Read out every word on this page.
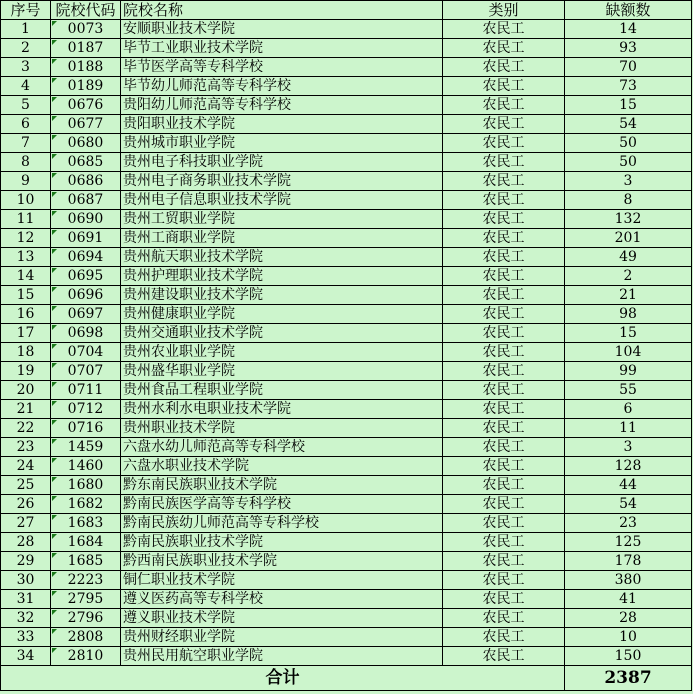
序号	院校代码	院校名称	类别	缺额数
1	0073	安顺职业技术学院	农民工	14
2	0187	毕节工业职业技术学院	农民工	93
3	0188	毕节医学高等专科学校	农民工	70
4	0189	毕节幼儿师范高等专科学校	农民工	73
5	0676	贵阳幼儿师范高等专科学校	农民工	15
6	0677	贵阳职业技术学院	农民工	54
7	0680	贵州城市职业学院	农民工	50
8	0685	贵州电子科技职业学院	农民工	50
9	0686	贵州电子商务职业技术学院	农民工	3
10	0687	贵州电子信息职业技术学院	农民工	8
11	0690	贵州工贸职业学院	农民工	132
12	0691	贵州工商职业学院	农民工	201
13	0694	贵州航天职业技术学院	农民工	49
14	0695	贵州护理职业技术学院	农民工	2
15	0696	贵州建设职业技术学院	农民工	21
16	0697	贵州健康职业学院	农民工	98
17	0698	贵州交通职业技术学院	农民工	15
18	0704	贵州农业职业学院	农民工	104
19	0707	贵州盛华职业学院	农民工	99
20	0711	贵州食品工程职业学院	农民工	55
21	0712	贵州水利水电职业技术学院	农民工	6
22	0716	贵州职业技术学院	农民工	11
23	1459	六盘水幼儿师范高等专科学校	农民工	3
24	1460	六盘水职业技术学院	农民工	128
25	1680	黔东南民族职业技术学院	农民工	44
26	1682	黔南民族医学高等专科学校	农民工	54
27	1683	黔南民族幼儿师范高等专科学校	农民工	23
28	1684	黔南民族职业技术学院	农民工	125
29	1685	黔西南民族职业技术学院	农民工	178
30	2223	铜仁职业技术学院	农民工	380
31	2795	遵义医药高等专科学校	农民工	41
32	2796	遵义职业技术学院	农民工	28
33	2808	贵州财经职业学院	农民工	10
34	2810	贵州民用航空职业学院	农民工	150
合计				2387
